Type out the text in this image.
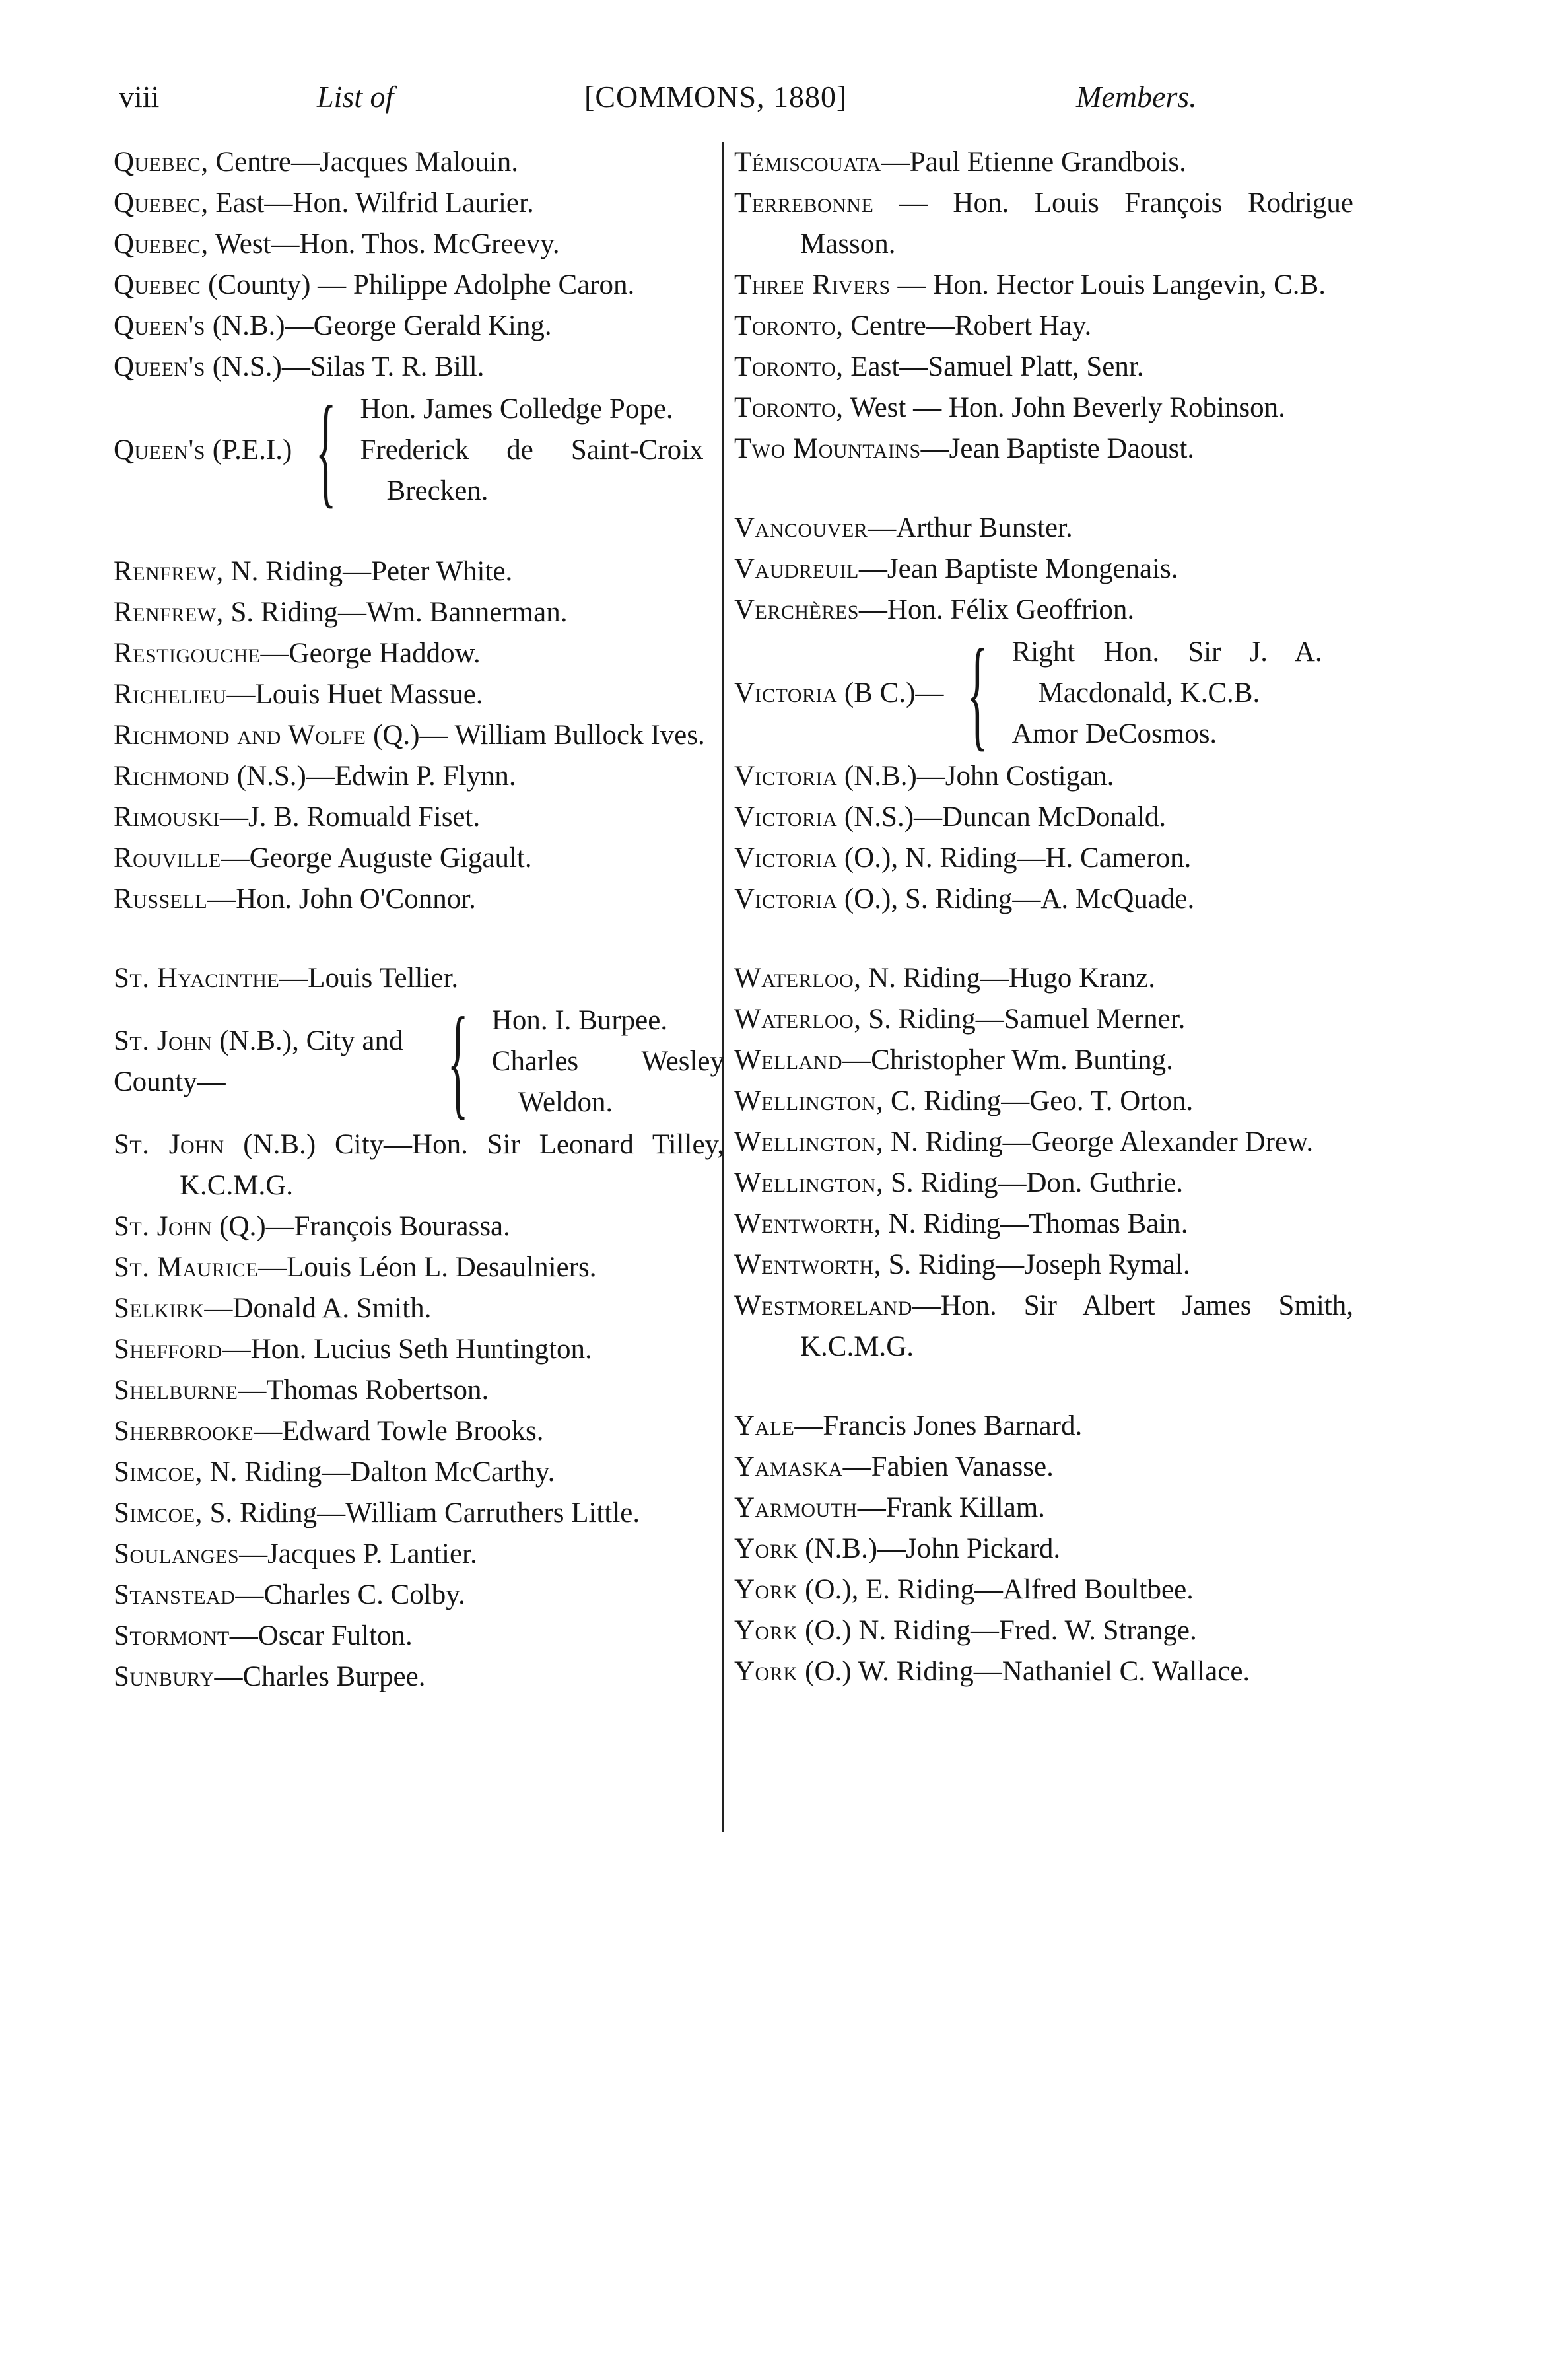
viii	List of	[COMMONS, 1880]	Members.
Quebec, Centre—Jacques Malouin.
Quebec, East—Hon. Wilfrid Laurier.
Quebec, West—Hon. Thos. McGreevy.
Quebec (County) — Philippe Adolphe Caron.
Queen's (N.B.)—George Gerald King.
Queen's (N.S.)—Silas T. R. Bill.
Queen's (P.E.I.) { Hon. James Colledge Pope.
Frederick de Saint-Croix Brecken.
Renfrew, N. Riding—Peter White.
Renfrew, S. Riding—Wm. Bannerman.
Restigouche—George Haddow.
Richelieu—Louis Huet Massue.
Richmond and Wolfe (Q.)— William Bullock Ives.
Richmond (N.S.)—Edwin P. Flynn.
Rimouski—J. B. Romuald Fiset.
Rouville—George Auguste Gigault.
Russell—Hon. John O'Connor.
St. Hyacinthe—Louis Tellier.
St. John (N.B.), City and County—	{ Hon. I. Burpee.
Charles Wesley Weldon.
St. John (N.B.) City—Hon. Sir Leonard Tilley, K.C.M.G.
St. John (Q.)—François Bourassa.
St. Maurice—Louis Léon L. Desaulniers.
Selkirk—Donald A. Smith.
Shefford—Hon. Lucius Seth Huntington.
Shelburne—Thomas Robertson.
Sherbrooke—Edward Towle Brooks.
Simcoe, N. Riding—Dalton McCarthy.
Simcoe, S. Riding—William Carruthers Little.
Soulanges—Jacques P. Lantier.
Stanstead—Charles C. Colby.
Stormont—Oscar Fulton.
Sunbury—Charles Burpee.
Témiscouata—Paul Etienne Grandbois.
Terrebonne — Hon. Louis François Rodrigue Masson.
Three Rivers — Hon. Hector Louis Langevin, C.B.
Toronto, Centre—Robert Hay.
Toronto, East—Samuel Platt, Senr.
Toronto, West — Hon. John Beverly Robinson.
Two Mountains—Jean Baptiste Daoust.
Vancouver—Arthur Bunster.
Vaudreuil—Jean Baptiste Mongenais.
Verchères—Hon. Félix Geoffrion.
Victoria (B C.)— { Right Hon. Sir J. A. Macdonald, K.C.B.
Amor DeCosmos.
Victoria (N.B.)—John Costigan.
Victoria (N.S.)—Duncan McDonald.
Victoria (O.), N. Riding—H. Cameron.
Victoria (O.), S. Riding—A. McQuade.
Waterloo, N. Riding—Hugo Kranz.
Waterloo, S. Riding—Samuel Merner.
Welland—Christopher Wm. Bunting.
Wellington, C. Riding—Geo. T. Orton.
Wellington, N. Riding—George Alexander Drew.
Wellington, S. Riding—Don. Guthrie.
Wentworth, N. Riding—Thomas Bain.
Wentworth, S. Riding—Joseph Rymal.
Westmoreland—Hon. Sir Albert James Smith, K.C.M.G.
Yale—Francis Jones Barnard.
Yamaska—Fabien Vanasse.
Yarmouth—Frank Killam.
York (N.B.)—John Pickard.
York (O.), E. Riding—Alfred Boultbee.
York (O.) N. Riding—Fred. W. Strange.
York (O.) W. Riding—Nathaniel C. Wallace.
